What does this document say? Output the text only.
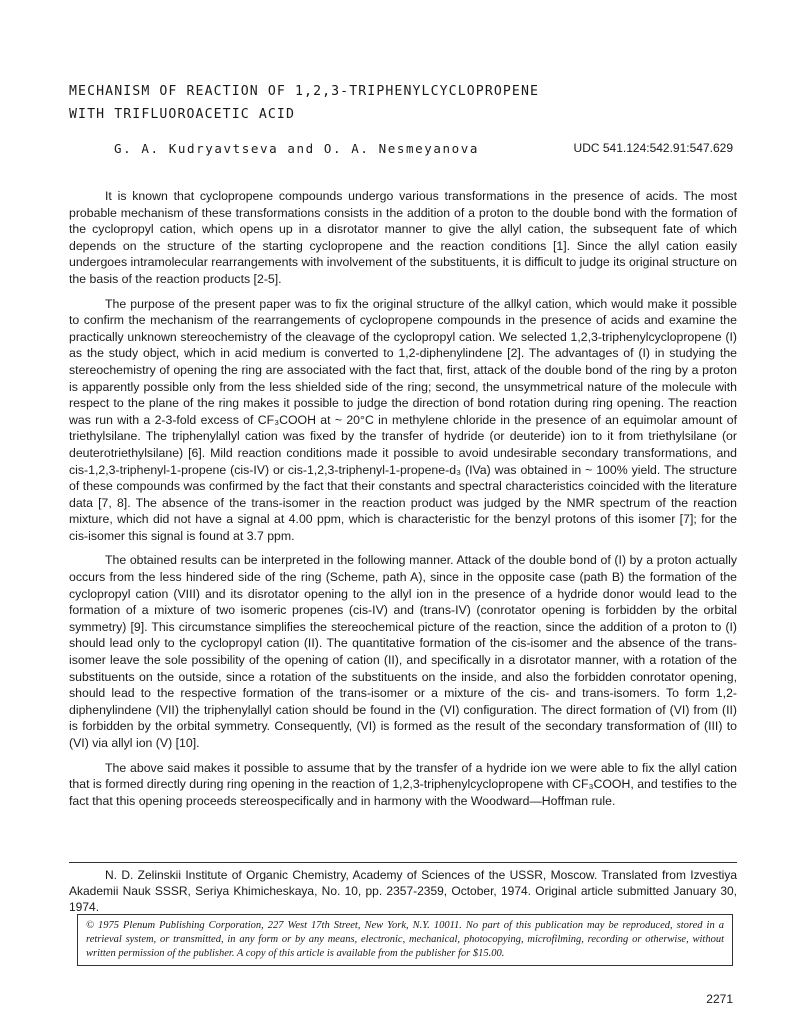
MECHANISM OF REACTION OF 1,2,3-TRIPHENYLCYCLOPROPENE
WITH TRIFLUOROACETIC ACID
G. A. Kudryavtseva and O. A. Nesmeyanova	UDC 541.124:542.91:547.629

It is known that cyclopropene compounds undergo various transformations in the presence of acids. The most probable mechanism of these transformations consists in the addition of a proton to the double bond with the formation of the cyclopropyl cation, which opens up in a disrotator manner to give the allyl cation, the subsequent fate of which depends on the structure of the starting cyclopropene and the reaction conditions [1]. Since the allyl cation easily undergoes intramolecular rearrangements with involvement of the substituents, it is difficult to judge its original structure on the basis of the reaction products [2-5].

The purpose of the present paper was to fix the original structure of the allkyl cation, which would make it possible to confirm the mechanism of the rearrangements of cyclopropene compounds in the presence of acids and examine the practically unknown stereochemistry of the cleavage of the cyclopropyl cation. We selected 1,2,3-triphenylcyclopropene (I) as the study object, which in acid medium is converted to 1,2-diphenylindene [2]. The advantages of (I) in studying the stereochemistry of opening the ring are associated with the fact that, first, attack of the double bond of the ring by a proton is apparently possible only from the less shielded side of the ring; second, the unsymmetrical nature of the molecule with respect to the plane of the ring makes it possible to judge the direction of bond rotation during ring opening. The reaction was run with a 2-3-fold excess of CF₃COOH at ~ 20°C in methylene chloride in the presence of an equimolar amount of triethylsilane. The triphenylallyl cation was fixed by the transfer of hydride (or deuteride) ion to it from triethylsilane (or deuterotriethylsilane) [6]. Mild reaction conditions made it possible to avoid undesirable secondary transformations, and cis-1,2,3-triphenyl-1-propene (cis-IV) or cis-1,2,3-triphenyl-1-propene-d₃ (IVa) was obtained in ~ 100% yield. The structure of these compounds was confirmed by the fact that their constants and spectral characteristics coincided with the literature data [7, 8]. The absence of the trans-isomer in the reaction product was judged by the NMR spectrum of the reaction mixture, which did not have a signal at 4.00 ppm, which is characteristic for the benzyl protons of this isomer [7]; for the cis-isomer this signal is found at 3.7 ppm.

The obtained results can be interpreted in the following manner. Attack of the double bond of (I) by a proton actually occurs from the less hindered side of the ring (Scheme, path A), since in the opposite case (path B) the formation of the cyclopropyl cation (VIII) and its disrotator opening to the allyl ion in the presence of a hydride donor would lead to the formation of a mixture of two isomeric propenes (cis-IV) and (trans-IV) (conrotator opening is forbidden by the orbital symmetry) [9]. This circumstance simplifies the stereochemical picture of the reaction, since the addition of a proton to (I) should lead only to the cyclopropyl cation (II). The quantitative formation of the cis-isomer and the absence of the trans-isomer leave the sole possibility of the opening of cation (II), and specifically in a disrotator manner, with a rotation of the substituents on the outside, since a rotation of the substituents on the inside, and also the forbidden conrotator opening, should lead to the respective formation of the trans-isomer or a mixture of the cis- and trans-isomers. To form 1,2-diphenylindene (VII) the triphenylallyl cation should be found in the (VI) configuration. The direct formation of (VI) from (II) is forbidden by the orbital symmetry. Consequently, (VI) is formed as the result of the secondary transformation of (III) to (VI) via allyl ion (V) [10].

The above said makes it possible to assume that by the transfer of a hydride ion we were able to fix the allyl cation that is formed directly during ring opening in the reaction of 1,2,3-triphenylcyclopropene with CF₃COOH, and testifies to the fact that this opening proceeds stereospecifically and in harmony with the Woodward—Hoffman rule.

N. D. Zelinskii Institute of Organic Chemistry, Academy of Sciences of the USSR, Moscow. Translated from Izvestiya Akademii Nauk SSSR, Seriya Khimicheskaya, No. 10, pp. 2357-2359, October, 1974. Original article submitted January 30, 1974.
© 1975 Plenum Publishing Corporation, 227 West 17th Street, New York, N.Y. 10011. No part of this publication may be reproduced, stored in a retrieval system, or transmitted, in any form or by any means, electronic, mechanical, photocopying, microfilming, recording or otherwise, without written permission of the publisher. A copy of this article is available from the publisher for $15.00.
2271
